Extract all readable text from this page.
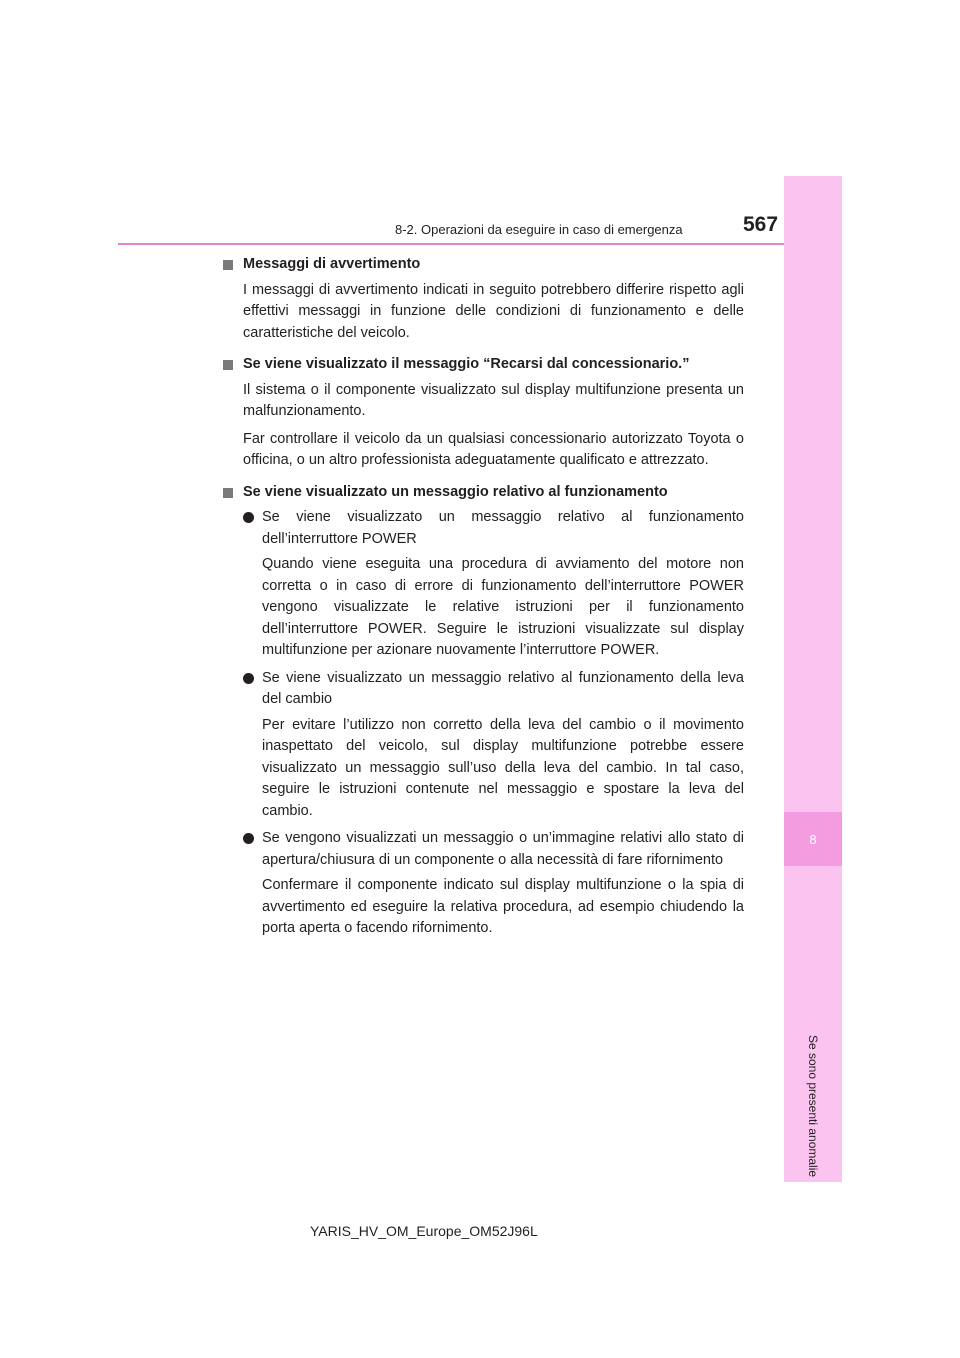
8
Se sono presenti anomalie
8-2. Operazioni da eseguire in caso di emergenza	567
Messaggi di avvertimento

I messaggi di avvertimento indicati in seguito potrebbero differire rispetto agli effettivi messaggi in funzione delle condizioni di funzionamento e delle caratteristiche del veicolo.

Se viene visualizzato il messaggio “Recarsi dal concessionario.”

Il sistema o il componente visualizzato sul display multifunzione presenta un malfunzionamento.

Far controllare il veicolo da un qualsiasi concessionario autorizzato Toyota o officina, o un altro professionista adeguatamente qualificato e attrezzato.

Se viene visualizzato un messaggio relativo al funzionamento
Se viene visualizzato un messaggio relativo al funzionamento dell’interruttore POWER

Quando viene eseguita una procedura di avviamento del motore non corretta o in caso di errore di funzionamento dell’interruttore POWER vengono visualizzate le relative istruzioni per il funzionamento dell’interruttore POWER. Seguire le istruzioni visualizzate sul display multifunzione per azionare nuovamente l’interruttore POWER.

Se viene visualizzato un messaggio relativo al funzionamento della leva del cambio

Per evitare l’utilizzo non corretto della leva del cambio o il movimento inaspettato del veicolo, sul display multifunzione potrebbe essere visualizzato un messaggio sull’uso della leva del cambio. In tal caso, seguire le istruzioni contenute nel messaggio e spostare la leva del cambio.

Se vengono visualizzati un messaggio o un’immagine relativi allo stato di apertura/chiusura di un componente o alla necessità di fare rifornimento

Confermare il componente indicato sul display multifunzione o la spia di avvertimento ed eseguire la relativa procedura, ad esempio chiudendo la porta aperta o facendo rifornimento.

YARIS_HV_OM_Europe_OM52J96L
